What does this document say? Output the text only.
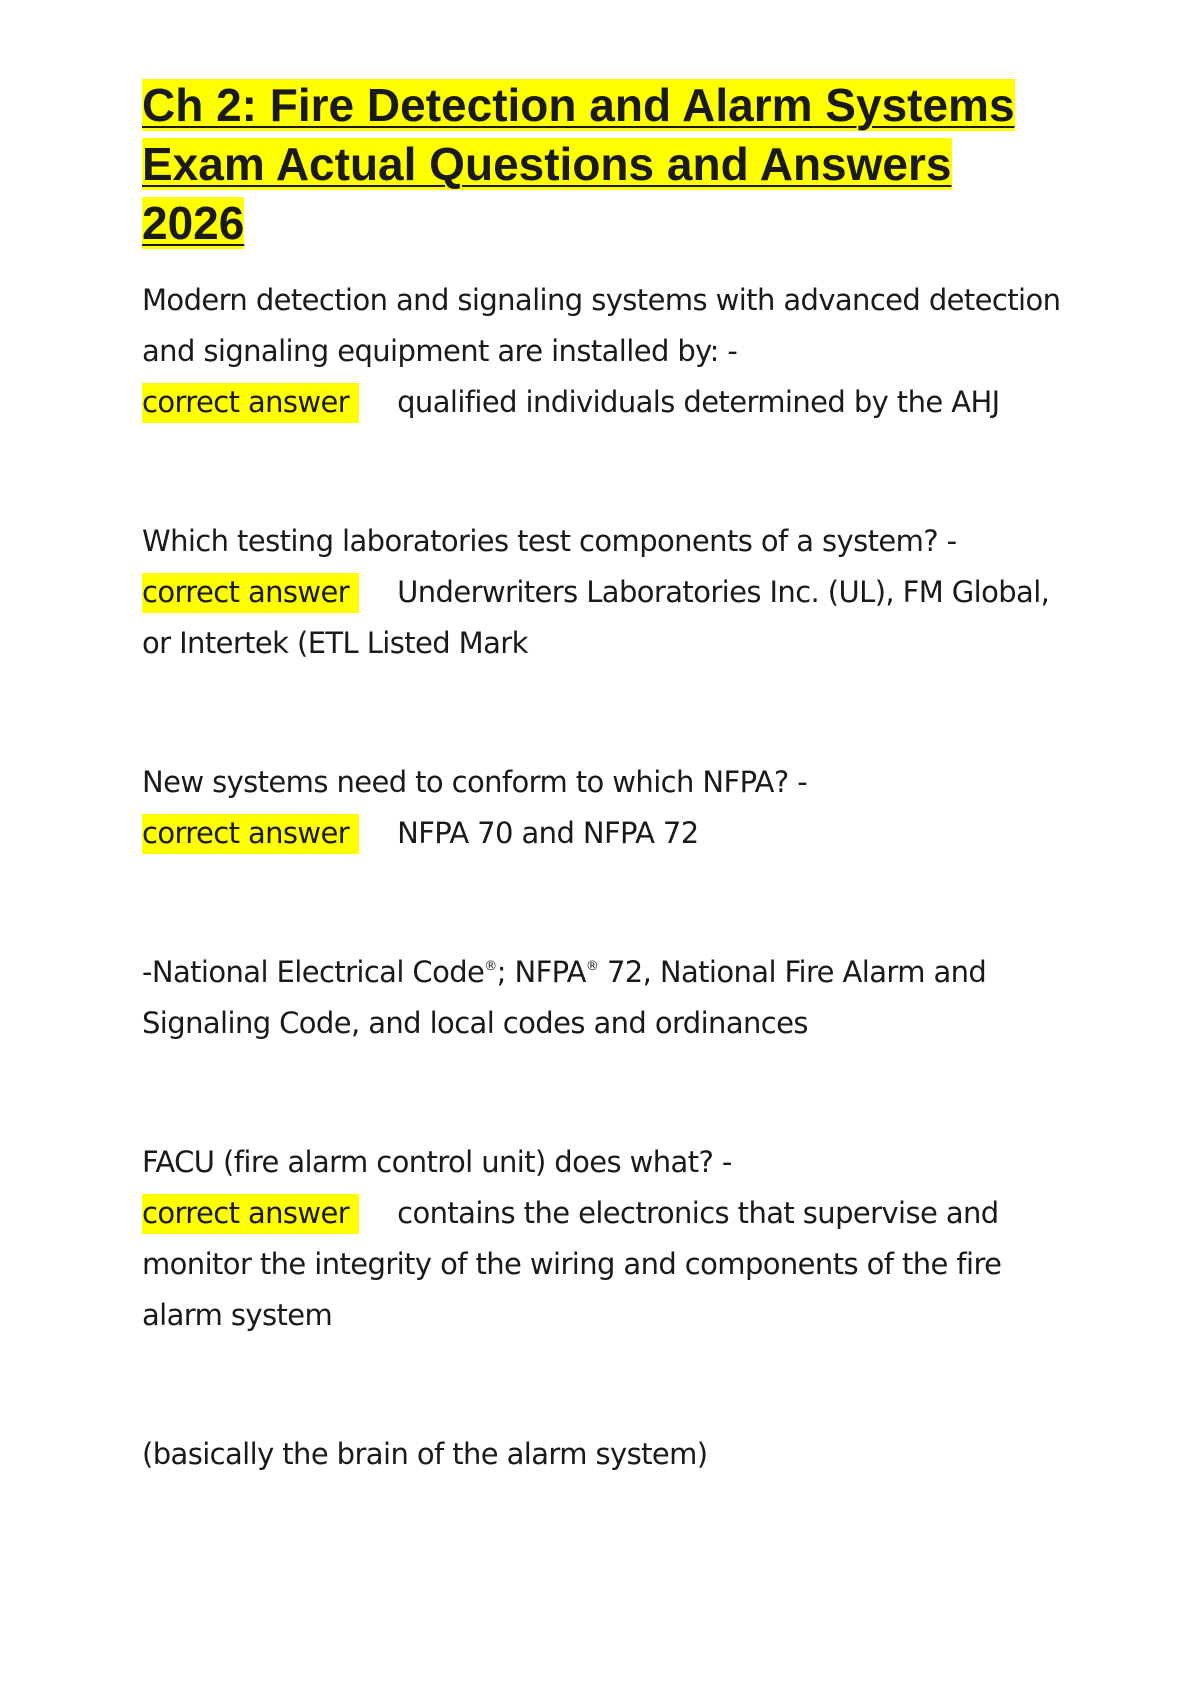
Ch 2: Fire Detection and Alarm Systems Exam Actual Questions and Answers 2026

Modern detection and signaling systems with advanced detection and signaling equipment are installed by: -

correct answer qualified individuals determined by the AHJ

Which testing laboratories test components of a system? -

correct answer Underwriters Laboratories Inc. (UL), FM Global, or Intertek (ETL Listed Mark

New systems need to conform to which NFPA? -

correct answer NFPA 70 and NFPA 72

-National Electrical Code®; NFPA® 72, National Fire Alarm and Signaling Code, and local codes and ordinances

FACU (fire alarm control unit) does what? -

correct answer contains the electronics that supervise and monitor the integrity of the wiring and components of the fire alarm system

(basically the brain of the alarm system)
